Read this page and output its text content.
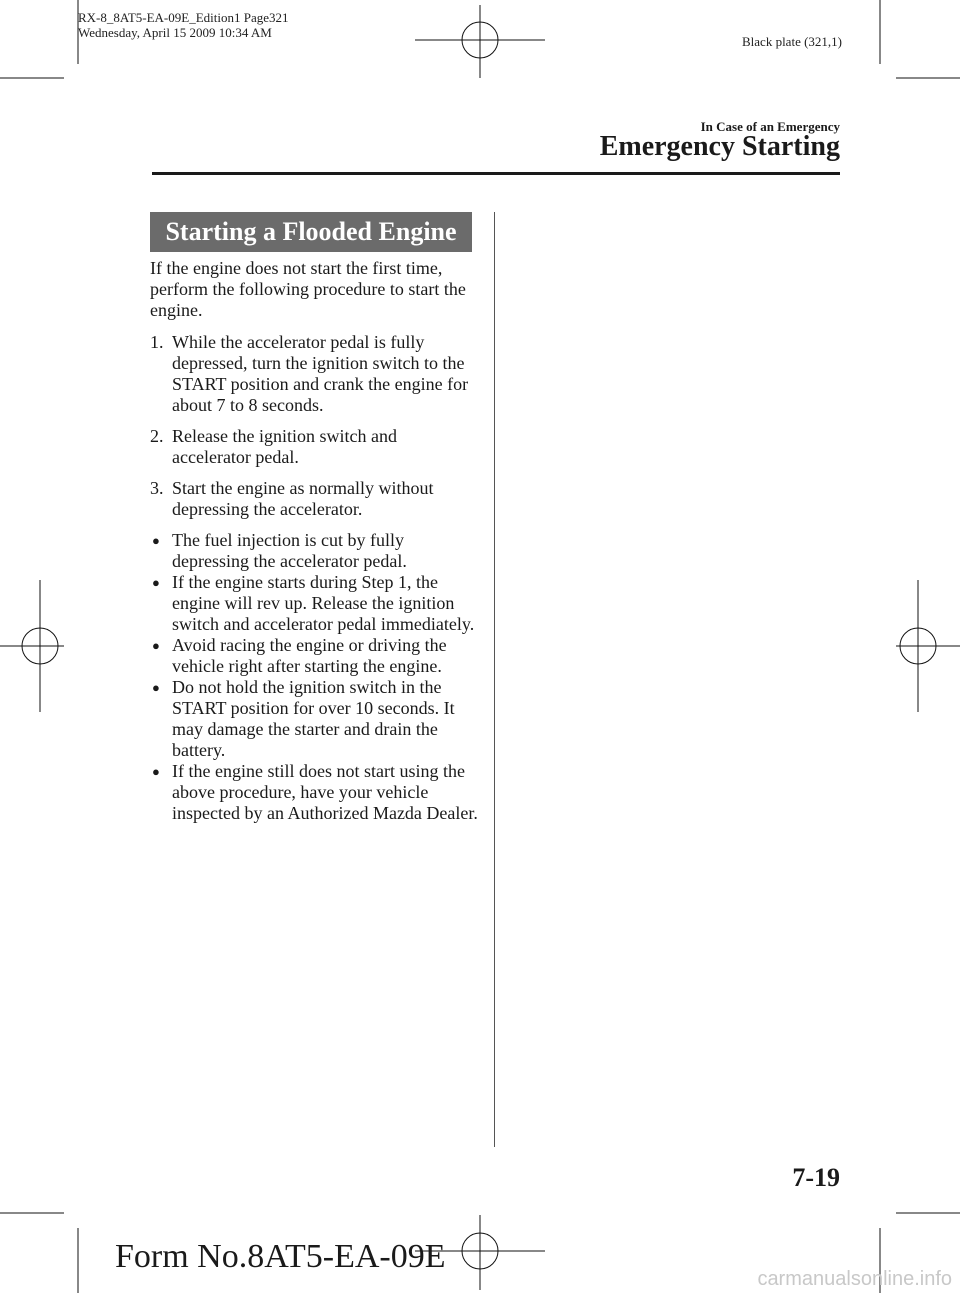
RX-8_8AT5-EA-09E_Edition1 Page321
Wednesday, April 15 2009 10:34 AM
Black plate (321,1)
In Case of an Emergency
Emergency Starting
Starting a Flooded Engine

If the engine does not start the first time, perform the following procedure to start the engine.

1. While the accelerator pedal is fully depressed, turn the ignition switch to the START position and crank the engine for about 7 to 8 seconds.
2. Release the ignition switch and accelerator pedal.
3. Start the engine as normally without depressing the accelerator.
● The fuel injection is cut by fully depressing the accelerator pedal.
● If the engine starts during Step 1, the engine will rev up. Release the ignition switch and accelerator pedal immediately.
● Avoid racing the engine or driving the vehicle right after starting the engine.
● Do not hold the ignition switch in the START position for over 10 seconds. It may damage the starter and drain the battery.
● If the engine still does not start using the above procedure, have your vehicle inspected by an Authorized Mazda Dealer.
7-19
Form No.8AT5-EA-09E
carmanualsonline.info
